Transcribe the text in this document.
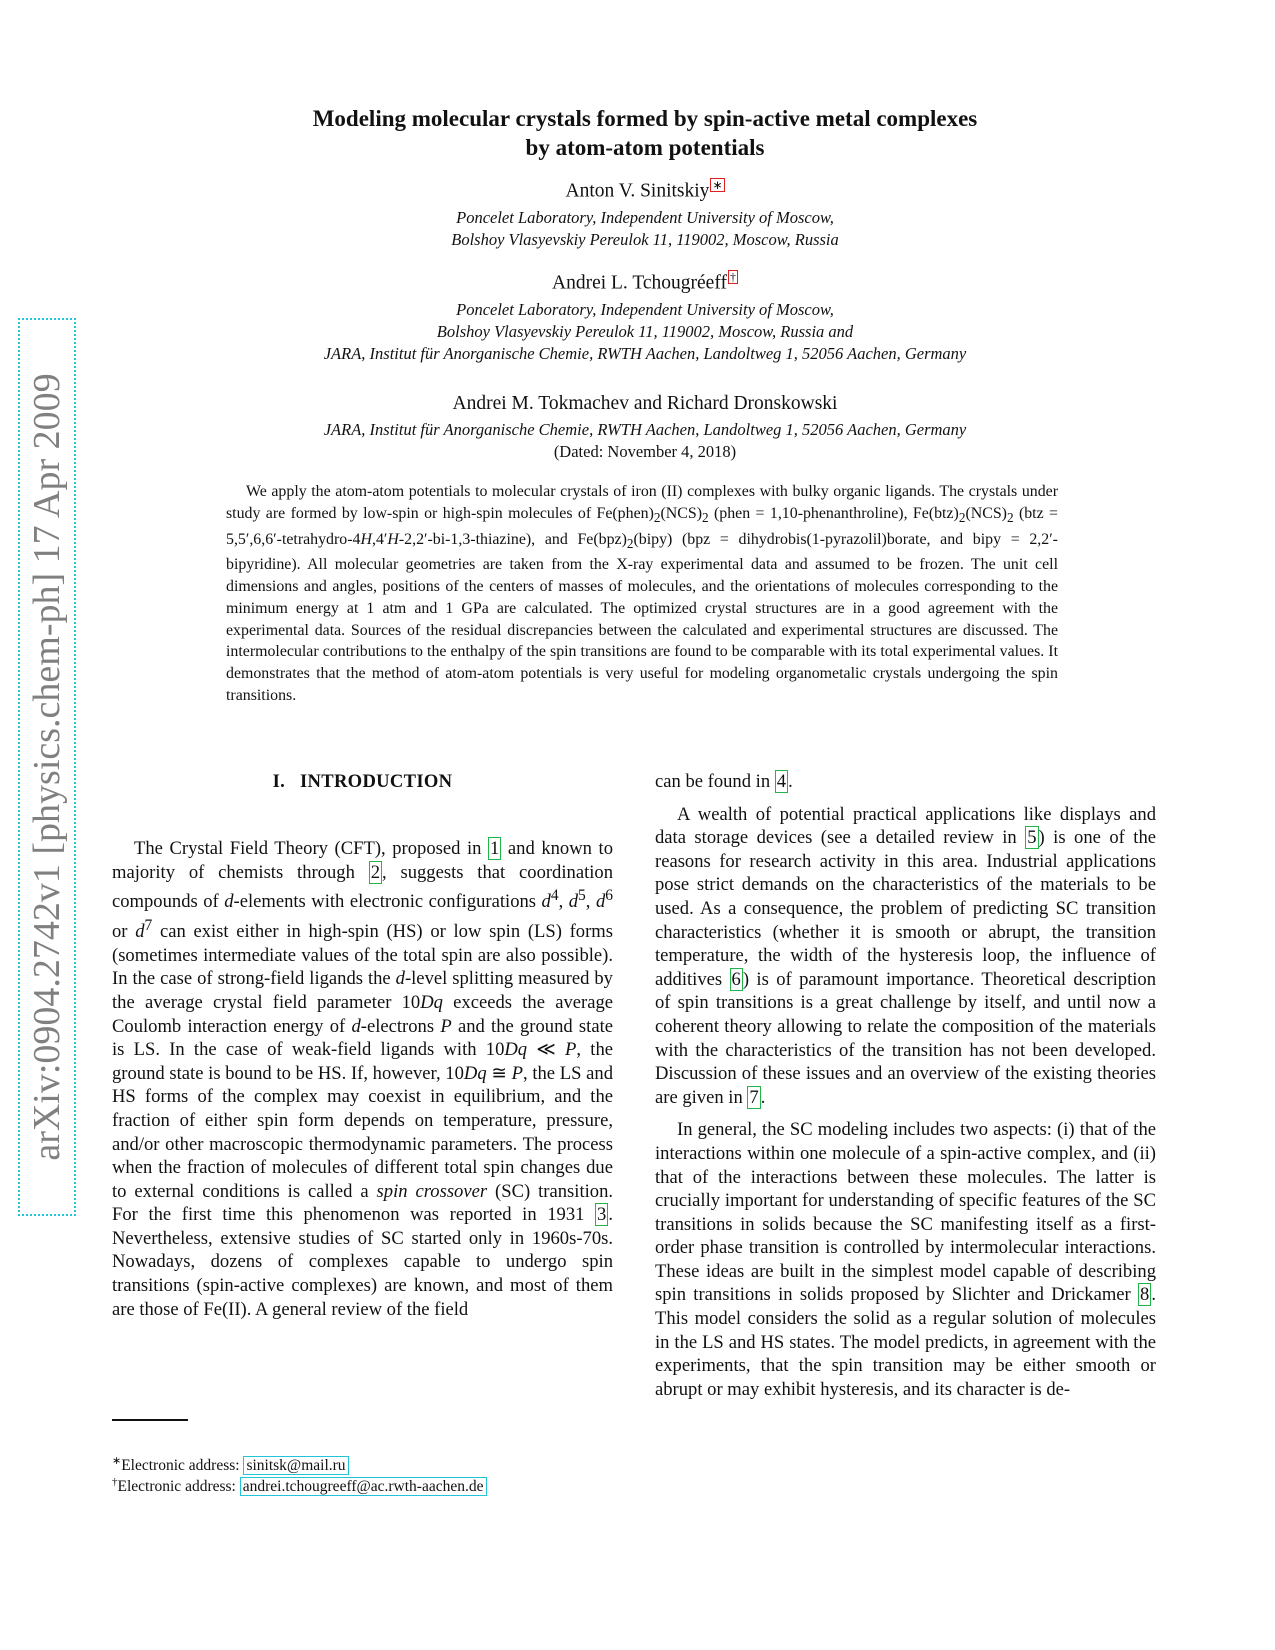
arXiv:0904.2742v1 [physics.chem-ph] 17 Apr 2009
Modeling molecular crystals formed by spin-active metal complexes
by atom-atom potentials
Anton V. Sinitskiy ∗
Poncelet Laboratory, Independent University of Moscow,
Bolshoy Vlasyevskiy Pereulok 11, 119002, Moscow, Russia
Andrei L. Tchougréeff †
Poncelet Laboratory, Independent University of Moscow,
Bolshoy Vlasyevskiy Pereulok 11, 119002, Moscow, Russia and
JARA, Institut für Anorganische Chemie, RWTH Aachen, Landoltweg 1, 52056 Aachen, Germany
Andrei M. Tokmachev and Richard Dronskowski
JARA, Institut für Anorganische Chemie, RWTH Aachen, Landoltweg 1, 52056 Aachen, Germany
(Dated: November 4, 2018)
We apply the atom-atom potentials to molecular crystals of iron (II) complexes with bulky organic ligands. The crystals under study are formed by low-spin or high-spin molecules of $Fe(phen)_2(NCS)_2$ (phen = 1,10-phenanthroline), $Fe(btz)_2(NCS)_2$ (btz = 5,5′,6,6′-tetrahydro-4H,4′H-2,2′-bi-1,3-thiazine), and $Fe(bpz)_2(bipy) (bpz$ = dihydrobis(1-pyrazolil)borate, and bipy = 2,2′-bipyridine). All molecular geometries are taken from the X-ray experimental data and assumed to be frozen. The unit cell dimensions and angles, positions of the centers of masses of molecules, and the orientations of molecules corresponding to the minimum energy at 1 atm and 1 GPa are calculated. The optimized crystal structures are in a good agreement with the experimental data. Sources of the residual discrepancies between the calculated and experimental structures are discussed. The intermolecular contributions to the enthalpy of the spin transitions are found to be comparable with its total experimental values. It demonstrates that the method of atom-atom potentials is very useful for modeling organometalic crystals undergoing the spin transitions.
I. INTRODUCTION

The Crystal Field Theory (CFT), proposed in 1 and known to majority of chemists through 2 , suggests that coordination compounds of d-elements with electronic configurations $d^4$, $d^5$, $d^6$ or $d^7$ can exist either in high-spin (HS) or low spin (LS) forms (sometimes intermediate values of the total spin are also possible). In the case of strong-field ligands the d-level splitting measured by the average crystal field parameter 10Dq exceeds the average Coulomb interaction energy of d-electrons P and the ground state is LS. In the case of weak-field ligands with 10Dq ≪ P, the ground state is bound to be HS. If, however, 10Dq ≅ P, the LS and HS forms of the complex may coexist in equilibrium, and the fraction of either spin form depends on temperature, pressure, and/or other macroscopic thermodynamic parameters. The process when the fraction of molecules of different total spin changes due to external conditions is called a spin crossover (SC) transition. For the first time this phenomenon was reported in 1931 3 . Nevertheless, extensive studies of SC started only in 1960s-70s. Nowadays, dozens of complexes capable to undergo spin transitions (spin-active complexes) are known, and most of them are those of Fe(II). A general review of the field

can be found in 4 .

A wealth of potential practical applications like displays and data storage devices (see a detailed review in 5 ) is one of the reasons for research activity in this area. Industrial applications pose strict demands on the characteristics of the materials to be used. As a consequence, the problem of predicting SC transition characteristics (whether it is smooth or abrupt, the transition temperature, the width of the hysteresis loop, the influence of additives 6 ) is of paramount importance. Theoretical description of spin transitions is a great challenge by itself, and until now a coherent theory allowing to relate the composition of the materials with the characteristics of the transition has not been developed. Discussion of these issues and an overview of the existing theories are given in 7 .

In general, the SC modeling includes two aspects: (i) that of the interactions within one molecule of a spin-active complex, and (ii) that of the interactions between these molecules. The latter is crucially important for understanding of specific features of the SC transitions in solids because the SC manifesting itself as a first-order phase transition is controlled by intermolecular interactions. These ideas are built in the simplest model capable of describing spin transitions in solids proposed by Slichter and Drickamer 8 . This model considers the solid as a regular solution of molecules in the LS and HS states. The model predicts, in agreement with the experiments, that the spin transition may be either smooth or abrupt or may exhibit hysteresis, and its character is de-

∗Electronic address: sinitsk@mail.ru
†Electronic address: andrei.tchougreeff@ac.rwth-aachen.de
